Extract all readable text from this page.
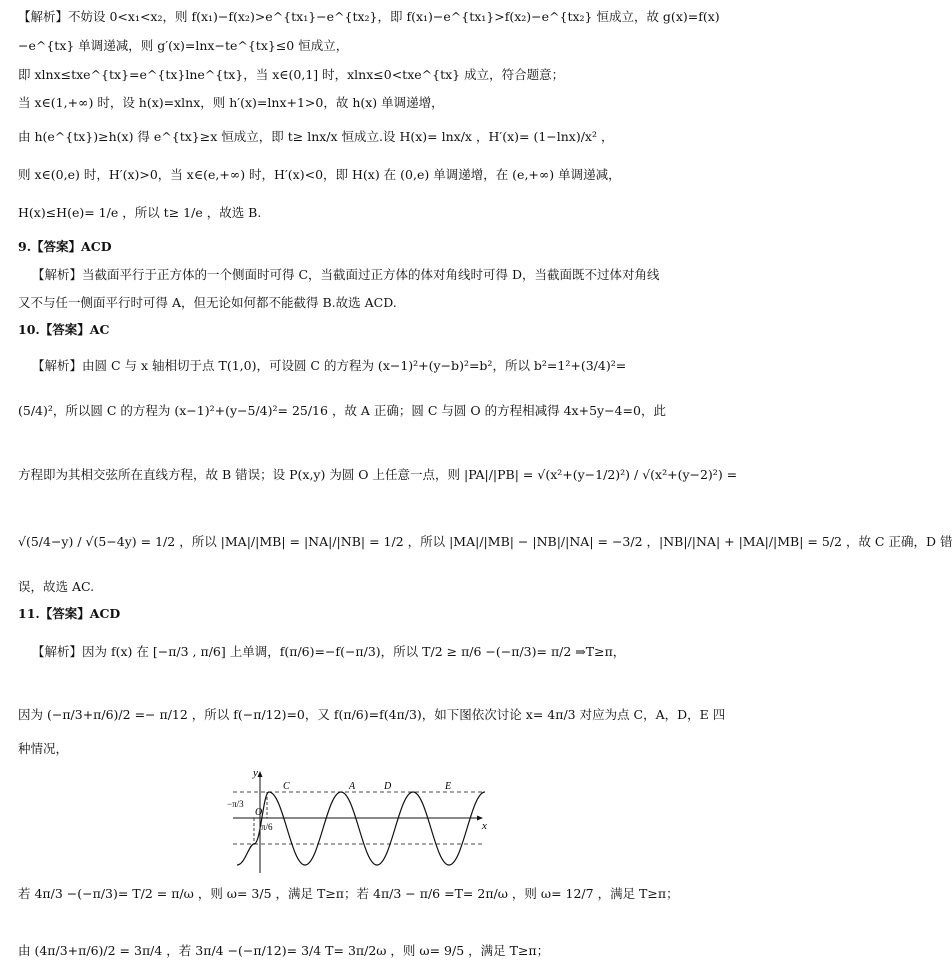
【解析】不妨设 0<x₁<x₂，则 f(x₁)−f(x₂)>e^{tx₁}−e^{tx₂}，即 f(x₁)−e^{tx₁}>f(x₂)−e^{tx₂} 恒成立，故 g(x)=f(x)
−e^{tx} 单调递减，则 g′(x)=lnx−te^{tx}≤0 恒成立，
即 xlnx≤txe^{tx}=e^{tx}lne^{tx}，当 x∈(0,1] 时，xlnx≤0<txe^{tx} 成立，符合题意；
当 x∈(1,+∞) 时，设 h(x)=xlnx，则 h′(x)=lnx+1>0，故 h(x) 单调递增，
由 h(e^{tx})≥h(x) 得 e^{tx}≥x 恒成立，即 t≥ lnx/x 恒成立.设 H(x)= lnx/x ，H′(x)= (1−lnx)/x² ，
则 x∈(0,e) 时，H′(x)>0，当 x∈(e,+∞) 时，H′(x)<0，即 H(x) 在 (0,e) 单调递增，在 (e,+∞) 单调递减，
H(x)≤H(e)= 1/e ，所以 t≥ 1/e ，故选 B.
9.【答案】ACD
【解析】当截面平行于正方体的一个侧面时可得 C，当截面过正方体的体对角线时可得 D，当截面既不过体对角线
又不与任一侧面平行时可得 A，但无论如何都不能截得 B.故选 ACD.
10.【答案】AC
【解析】由圆 C 与 x 轴相切于点 T(1,0)，可设圆 C 的方程为 (x−1)²+(y−b)²=b²，所以 b²=1²+(3/4)²=
(5/4)²，所以圆 C 的方程为 (x−1)²+(y−5/4)²= 25/16 ，故 A 正确；圆 C 与圆 O 的方程相减得 4x+5y−4=0，此
方程即为其相交弦所在直线方程，故 B 错误；设 P(x,y) 为圆 O 上任意一点，则 |PA|/|PB| = √(x²+(y−1/2)²) / √(x²+(y−2)²) =
√(5/4−y) / √(5−4y) = 1/2 ，所以 |MA|/|MB| = |NA|/|NB| = 1/2 ，所以 |MA|/|MB| − |NB|/|NA| = −3/2 ，|NB|/|NA| + |MA|/|MB| = 5/2 ，故 C 正确，D 错
误，故选 AC.
11.【答案】ACD
【解析】因为 f(x) 在 [−π/3 , π/6] 上单调，f(π/6)=−f(−π/3)，所以 T/2 ≥ π/6 −(−π/3)= π/2 ⇒T≥π，
因为 (−π/3+π/6)/2 =− π/12 ，所以 f(−π/12)=0，又 f(π/6)=f(4π/3)，如下图依次讨论 x= 4π/3 对应为点 C，A，D，E 四
种情况，
y
x
O
−π/3
π/6
C	A	D	E
若 4π/3 −(−π/3)= T/2 = π/ω ，则 ω= 3/5 ，满足 T≥π；若 4π/3 − π/6 =T= 2π/ω ，则 ω= 12/7 ，满足 T≥π；
由 (4π/3+π/6)/2 = 3π/4 ，若 3π/4 −(−π/12)= 3/4 T= 3π/2ω ，则 ω= 9/5 ，满足 T≥π；
